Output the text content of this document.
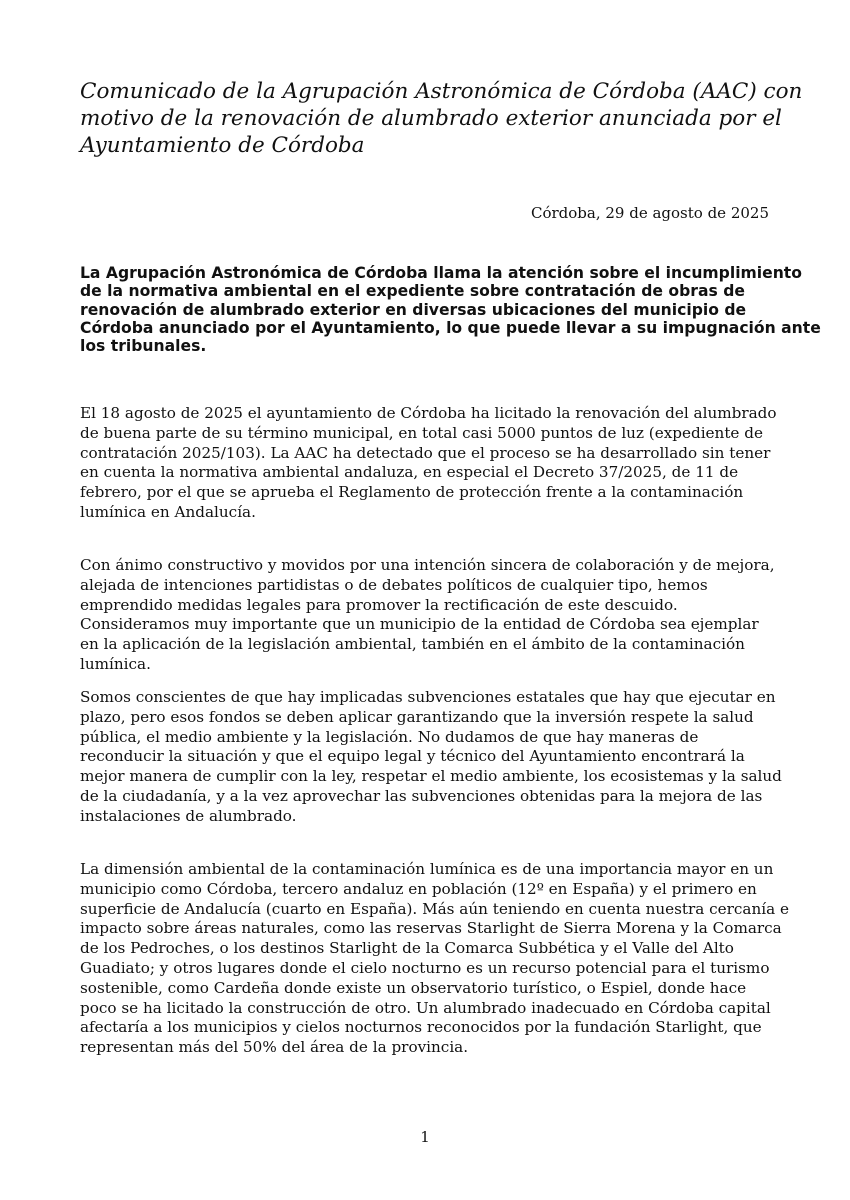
Comunicado de la Agrupación Astronómica de Córdoba (AAC) con
motivo de la renovación de alumbrado exterior anunciada por el
Ayuntamiento de Córdoba
Córdoba, 29 de agosto de 2025

La Agrupación Astronómica de Córdoba llama la atención sobre el incumplimiento
de la normativa ambiental en el expediente sobre contratación de obras de
renovación de alumbrado exterior en diversas ubicaciones del municipio de
Córdoba anunciado por el Ayuntamiento, lo que puede llevar a su impugnación ante
los tribunales.

El 18 agosto de 2025 el ayuntamiento de Córdoba ha licitado la renovación del alumbrado
de buena parte de su término municipal, en total casi 5000 puntos de luz (expediente de
contratación 2025/103). La AAC ha detectado que el proceso se ha desarrollado sin tener
en cuenta la normativa ambiental andaluza, en especial el Decreto 37/2025, de 11 de
febrero, por el que se aprueba el Reglamento de protección frente a la contaminación
lumínica en Andalucía.

Con ánimo constructivo y movidos por una intención sincera de colaboración y de mejora,
alejada de intenciones partidistas o de debates políticos de cualquier tipo, hemos
emprendido medidas legales para promover la rectificación de este descuido.
Consideramos muy importante que un municipio de la entidad de Córdoba sea ejemplar
en la aplicación de la legislación ambiental, también en el ámbito de la contaminación
lumínica.

Somos conscientes de que hay implicadas subvenciones estatales que hay que ejecutar en
plazo, pero esos fondos se deben aplicar garantizando que la inversión respete la salud
pública, el medio ambiente y la legislación. No dudamos de que hay maneras de
reconducir la situación y que el equipo legal y técnico del Ayuntamiento encontrará la
mejor manera de cumplir con la ley, respetar el medio ambiente, los ecosistemas y la salud
de la ciudadanía, y a la vez aprovechar las subvenciones obtenidas para la mejora de las
instalaciones de alumbrado.

La dimensión ambiental de la contaminación lumínica es de una importancia mayor en un
municipio como Córdoba, tercero andaluz en población (12º en España) y el primero en
superficie de Andalucía (cuarto en España). Más aún teniendo en cuenta nuestra cercanía e
impacto sobre áreas naturales, como las reservas Starlight de Sierra Morena y la Comarca
de los Pedroches, o los destinos Starlight de la Comarca Subbética y el Valle del Alto
Guadiato; y otros lugares donde el cielo nocturno es un recurso potencial para el turismo
sostenible, como Cardeña donde existe un observatorio turístico, o Espiel, donde hace
poco se ha licitado la construcción de otro. Un alumbrado inadecuado en Córdoba capital
afectaría a los municipios y cielos nocturnos reconocidos por la fundación Starlight, que
representan más del 50% del área de la provincia.

1
